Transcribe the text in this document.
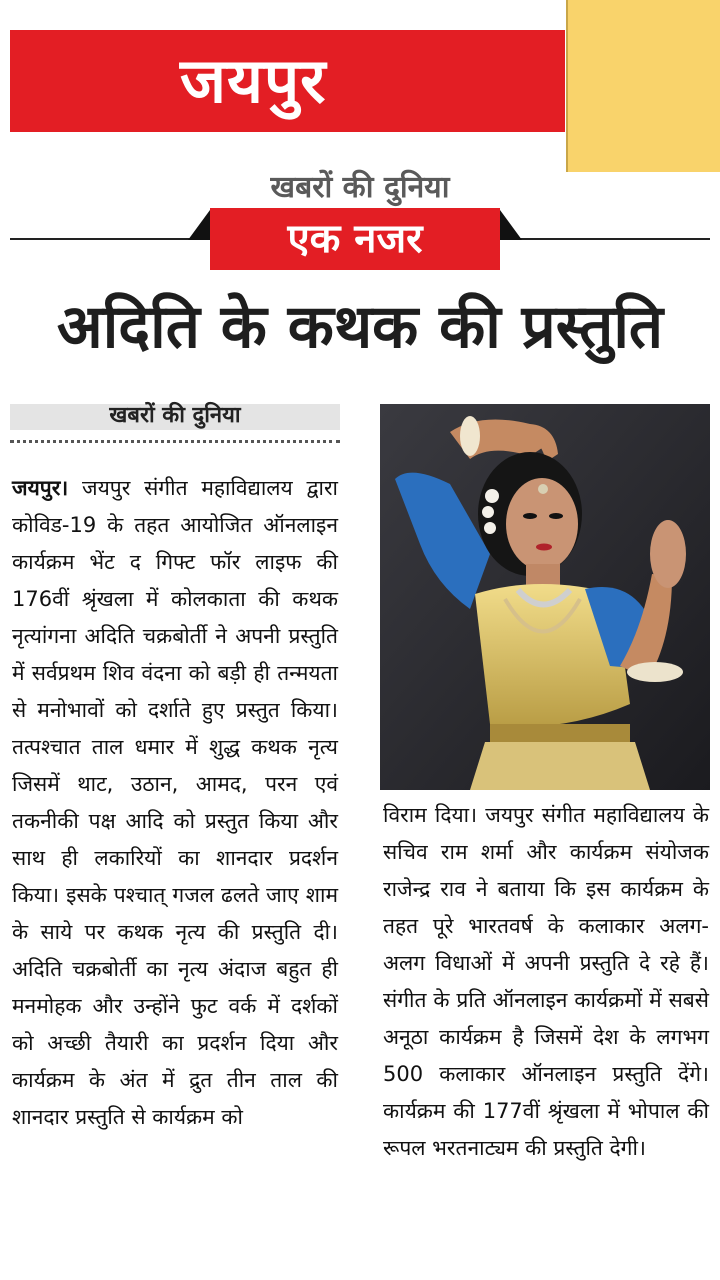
जयपुर
खबरों की दुनिया
एक नजर
अदिति के कथक की प्रस्तुति
खबरों की दुनिया

जयपुर। जयपुर संगीत महाविद्यालय द्वारा कोविड-19 के तहत आयोजित ऑनलाइन कार्यक्रम भेंट द गिफ्ट फॉर लाइफ की 176वीं श्रृंखला में कोलकाता की कथक नृत्यांगना अदिति चक्रबोर्ती ने अपनी प्रस्तुति में सर्वप्रथम शिव वंदना को बड़ी ही तन्मयता से मनोभावों को दर्शाते हुए प्रस्तुत किया। तत्पश्चात ताल धमार में शुद्ध कथक नृत्य जिसमें थाट, उठान, आमद, परन एवं तकनीकी पक्ष आदि को प्रस्तुत किया और साथ ही लकारियों का शानदार प्रदर्शन किया। इसके पश्चात् गजल ढलते जाए शाम के साये पर कथक नृत्य की प्रस्तुति दी। अदिति चक्रबोर्ती का नृत्य अंदाज बहुत ही मनमोहक और उन्होंने फुट वर्क में दर्शकों को अच्छी तैयारी का प्रदर्शन दिया और कार्यक्रम के अंत में द्रुत तीन ताल की शानदार प्रस्तुति से कार्यक्रम को

विराम दिया। जयपुर संगीत महाविद्यालय के सचिव राम शर्मा और कार्यक्रम संयोजक राजेन्द्र राव ने बताया कि इस कार्यक्रम के तहत पूरे भारतवर्ष के कलाकार अलग-अलग विधाओं में अपनी प्रस्तुति दे रहे हैं। संगीत के प्रति ऑनलाइन कार्यक्रमों में सबसे अनूठा कार्यक्रम है जिसमें देश के लगभग 500 कलाकार ऑनलाइन प्रस्तुति देंगे। कार्यक्रम की 177वीं श्रृंखला में भोपाल की रूपल भरतनाट्यम की प्रस्तुति देगी।
